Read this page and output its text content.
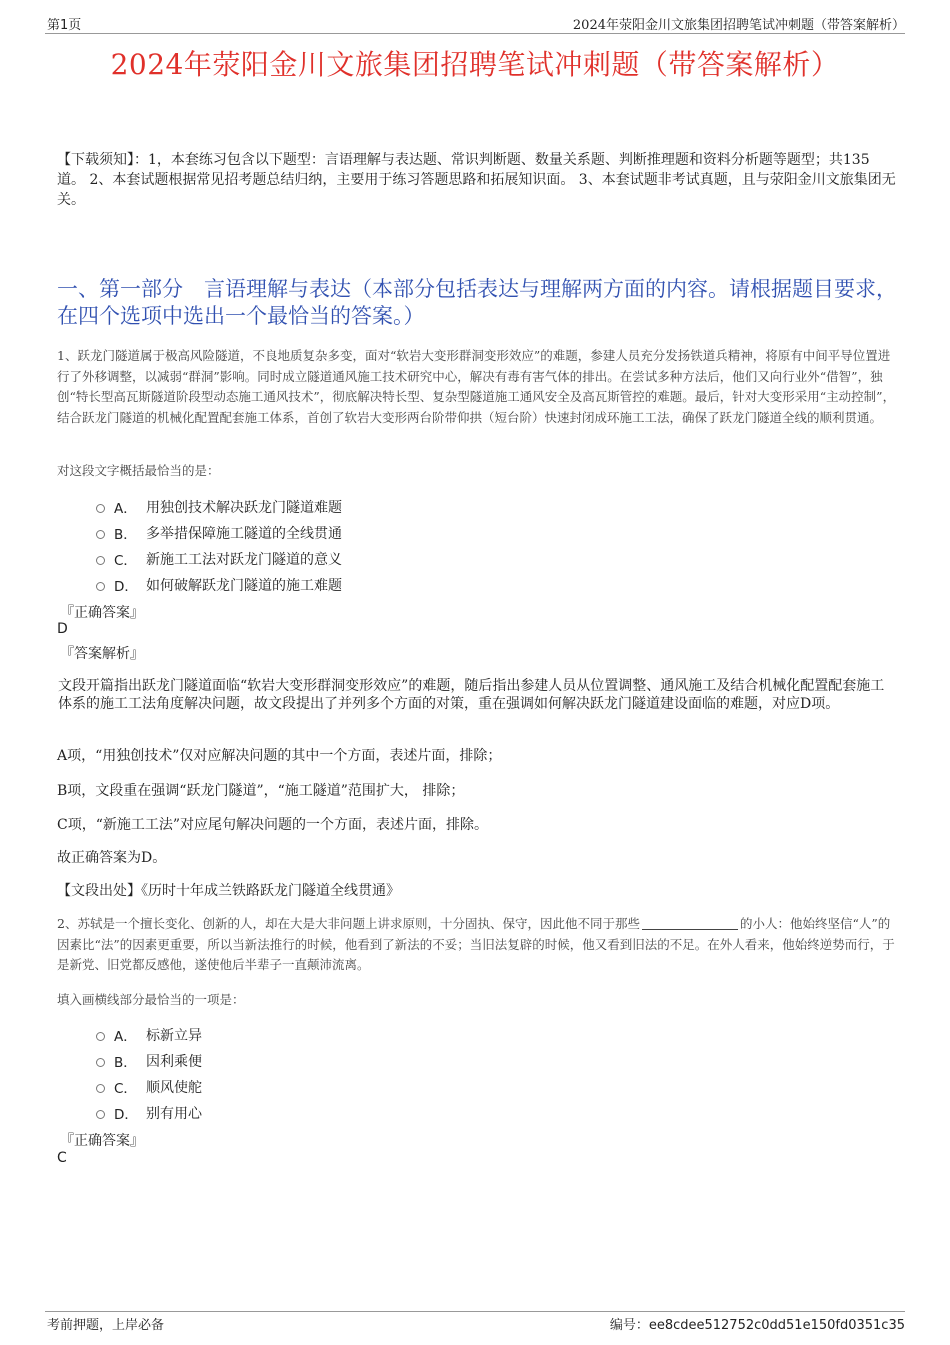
第1页	2024年荥阳金川文旅集团招聘笔试冲刺题（带答案解析）
2024年荥阳金川文旅集团招聘笔试冲刺题（带答案解析）
【下载须知】：1，本套练习包含以下题型：言语理解与表达题、常识判断题、数量关系题、判断推理题和资料分析题等题型；共135道。 2、本套试题根据常见招考题总结归纳，主要用于练习答题思路和拓展知识面。 3、本套试题非考试真题，且与荥阳金川文旅集团无关。
一、第一部分　言语理解与表达（本部分包括表达与理解两方面的内容。请根据题目要求，在四个选项中选出一个最恰当的答案。）
1、跃龙门隧道属于极高风险隧道，不良地质复杂多变，面对“软岩大变形群洞变形效应”的难题，参建人员充分发扬铁道兵精神，将原有中间平导位置进行了外移调整，以减弱“群洞”影响。同时成立隧道通风施工技术研究中心，解决有毒有害气体的排出。在尝试多种方法后，他们又向行业外“借智”，独创“特长型高瓦斯隧道阶段型动态施工通风技术”，彻底解决特长型、复杂型隧道施工通风安全及高瓦斯管控的难题。最后，针对大变形采用“主动控制”，结合跃龙门隧道的机械化配置配套施工体系，首创了软岩大变形两台阶带仰拱（短台阶）快速封闭成环施工工法，确保了跃龙门隧道全线的顺利贯通。
对这段文字概括最恰当的是：
A． 用独创技术解决跃龙门隧道难题
B． 多举措保障施工隧道的全线贯通
C． 新施工工法对跃龙门隧道的意义
D． 如何破解跃龙门隧道的施工难题
『正确答案』
D
『答案解析』
文段开篇指出跃龙门隧道面临“软岩大变形群洞变形效应”的难题，随后指出参建人员从位置调整、通风施工及结合机械化配置配套施工体系的施工工法角度解决问题，故文段提出了并列多个方面的对策，重在强调如何解决跃龙门隧道建设面临的难题，对应D项。
A项，“用独创技术”仅对应解决问题的其中一个方面，表述片面，排除；
B项，文段重在强调“跃龙门隧道”，“施工隧道”范围扩大， 排除；
C项，“新施工工法”对应尾句解决问题的一个方面，表述片面，排除。
故正确答案为D。
【文段出处】《历时十年成兰铁路跃龙门隧道全线贯通》
2、苏轼是一个擅长变化、创新的人，却在大是大非问题上讲求原则，十分固执、保守，因此他不同于那些	的小人：他始终坚信“人”的因素比“法”的因素更重要，所以当新法推行的时候，他看到了新法的不妥；当旧法复辟的时候，他又看到旧法的不足。在外人看来，他始终逆势而行，于是新党、旧党都反感他，遂使他后半辈子一直颠沛流离。
填入画横线部分最恰当的一项是：
A． 标新立异
B． 因利乘便
C． 顺风使舵
D． 别有用心
『正确答案』
C
考前押题，上岸必备	编号：ee8cdee512752c0dd51e150fd0351c35
